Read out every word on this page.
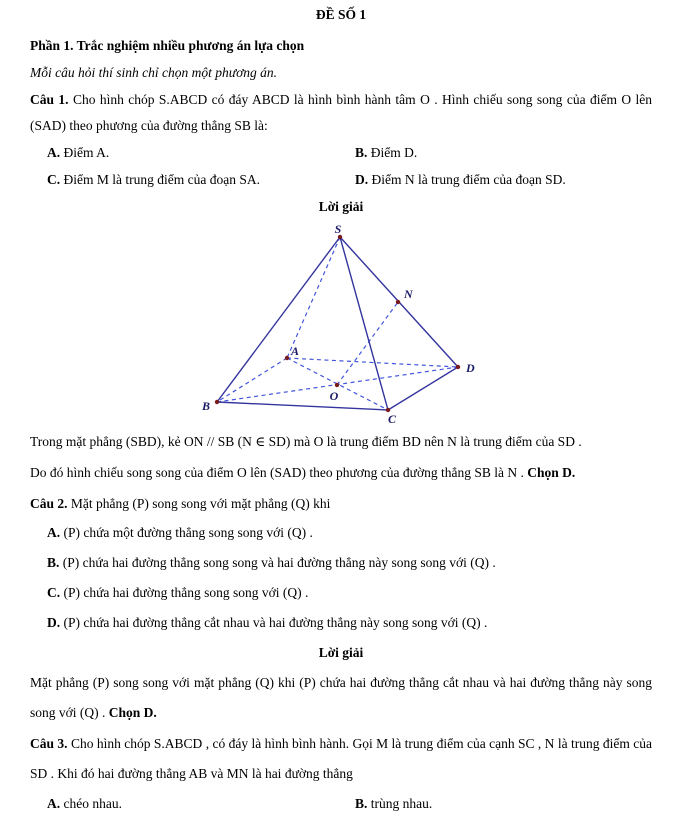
ĐỀ SỐ 1

Phần 1. Trắc nghiệm nhiều phương án lựa chọn

Mỗi câu hỏi thí sinh chỉ chọn một phương án.

Câu 1. Cho hình chóp S.ABCD có đáy ABCD là hình bình hành tâm O . Hình chiếu song song của điểm O lên (SAD) theo phương của đường thẳng SB là:

A. Điểm A.	B. Điểm D.
C. Điểm M là trung điểm của đoạn SA.	D. Điểm N là trung điểm của đoạn SD.

Lời giải

S
N
A
O
B
C
D

Trong mặt phẳng (SBD), kẻ ON // SB (N ∈ SD) mà O là trung điểm BD nên N là trung điểm của SD .

Do đó hình chiếu song song của điểm O lên (SAD) theo phương của đường thẳng SB là N . Chọn D.

Câu 2. Mặt phẳng (P) song song với mặt phẳng (Q) khi

A. (P) chứa một đường thẳng song song với (Q) .

B. (P) chứa hai đường thẳng song song và hai đường thẳng này song song với (Q) .

C. (P) chứa hai đường thẳng song song với (Q) .

D. (P) chứa hai đường thẳng cắt nhau và hai đường thẳng này song song với (Q) .

Lời giải

Mặt phẳng (P) song song với mặt phẳng (Q) khi (P) chứa hai đường thẳng cắt nhau và hai đường thẳng này song song với (Q) . Chọn D.

Câu 3. Cho hình chóp S.ABCD , có đáy là hình bình hành. Gọi M là trung điểm của cạnh SC , N là trung điểm của SD . Khi đó hai đường thẳng AB và MN là hai đường thẳng

A. chéo nhau.	B. trùng nhau.
